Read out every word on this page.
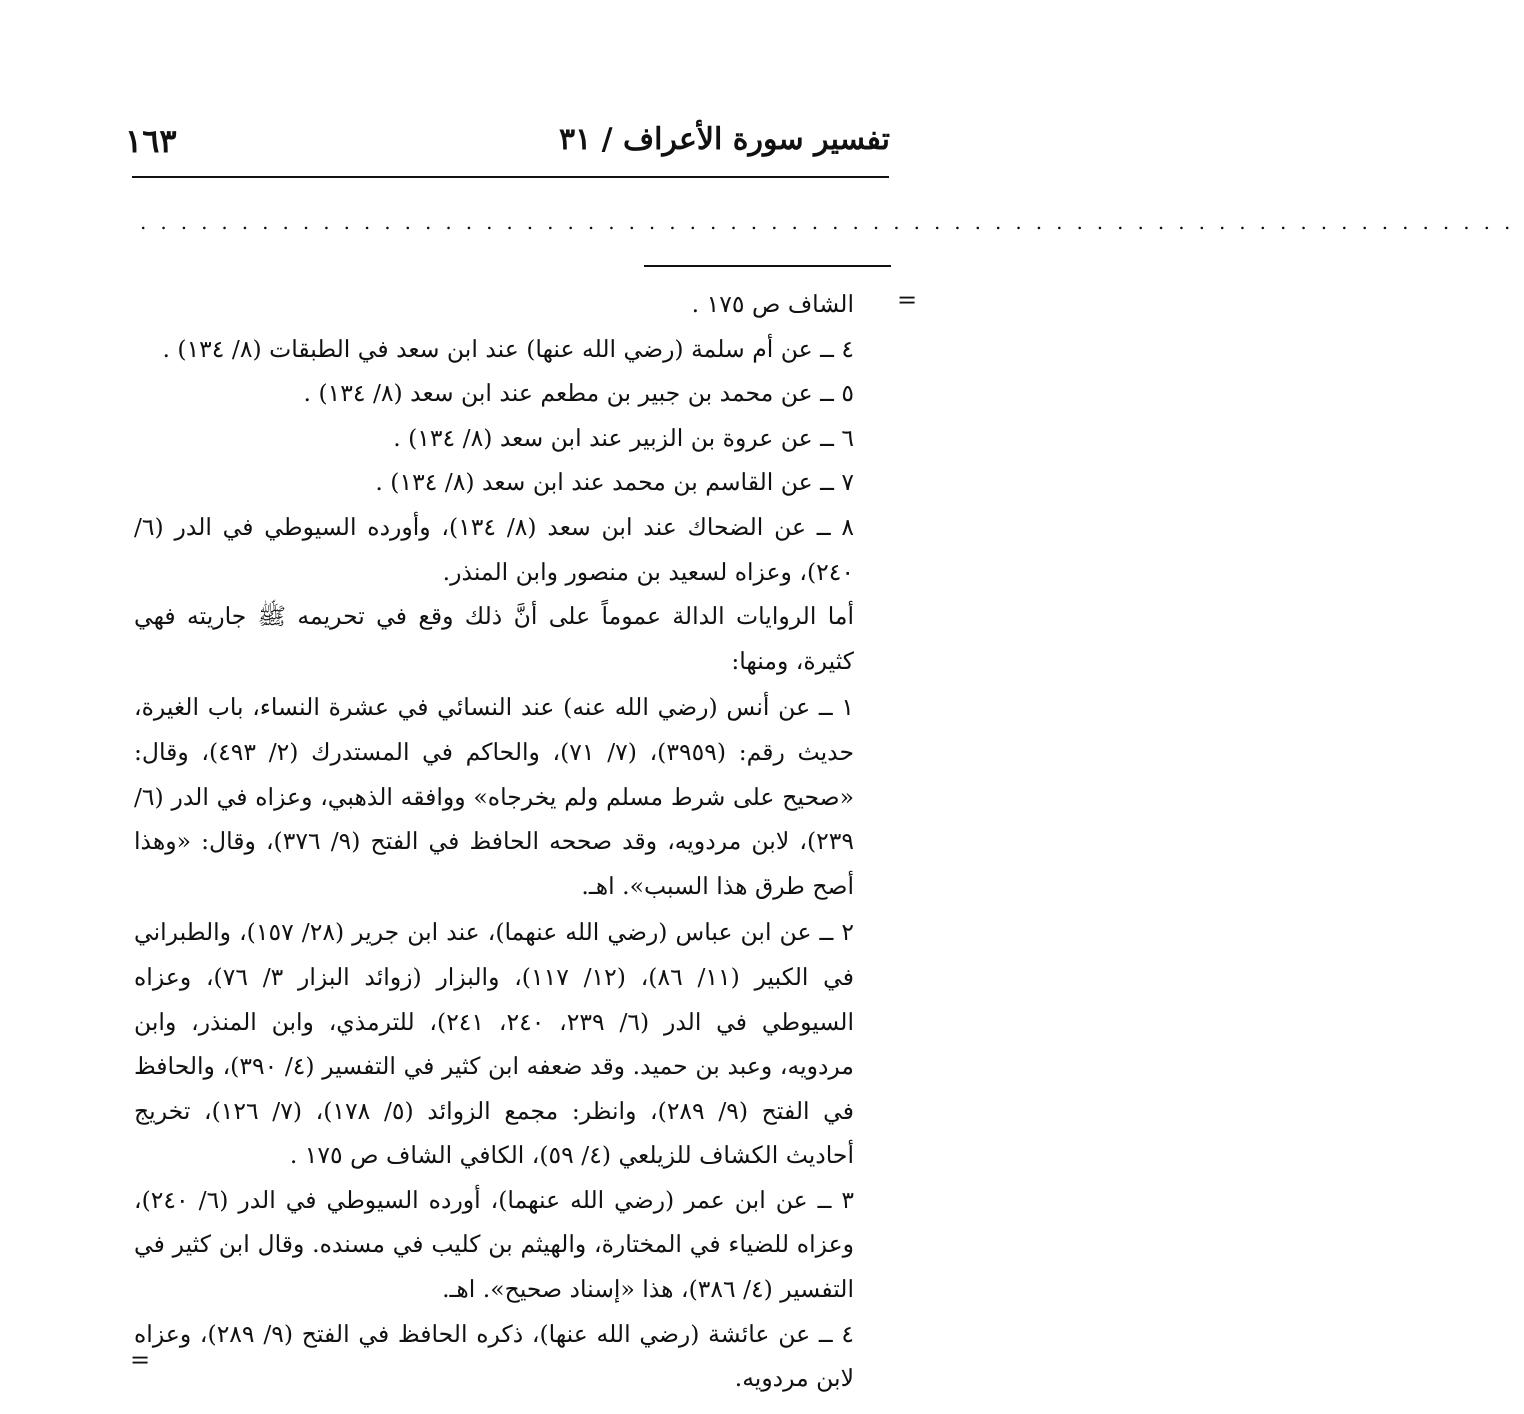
تفسير سورة الأعراف / ٣١
١٦٣
....................................................................
=

الشاف ص ١٧٥ .

٤ ــ عن أم سلمة (رضي الله عنها) عند ابن سعد في الطبقات (٨/ ١٣٤) .

٥ ــ عن محمد بن جبير بن مطعم عند ابن سعد (٨/ ١٣٤) .

٦ ــ عن عروة بن الزبير عند ابن سعد (٨/ ١٣٤) .

٧ ــ عن القاسم بن محمد عند ابن سعد (٨/ ١٣٤) .

٨ ــ عن الضحاك عند ابن سعد (٨/ ١٣٤)، وأورده السيوطي في الدر (٦/ ٢٤٠)، وعزاه لسعيد بن منصور وابن المنذر.

أما الروايات الدالة عموماً على أنَّ ذلك وقع في تحريمه ﷺ جاريته فهي كثيرة، ومنها:

١ ــ عن أنس (رضي الله عنه) عند النسائي في عشرة النساء، باب الغيرة، حديث رقم: (٣٩٥٩)، (٧/ ٧١)، والحاكم في المستدرك (٢/ ٤٩٣)، وقال: «صحيح على شرط مسلم ولم يخرجاه» ووافقه الذهبي، وعزاه في الدر (٦/ ٢٣٩)، لابن مردويه، وقد صححه الحافظ في الفتح (٩/ ٣٧٦)، وقال: «وهذا أصح طرق هذا السبب». اهـ.

٢ ــ عن ابن عباس (رضي الله عنهما)، عند ابن جرير (٢٨/ ١٥٧)، والطبراني في الكبير (١١/ ٨٦)، (١٢/ ١١٧)، والبزار (زوائد البزار ٣/ ٧٦)، وعزاه السيوطي في الدر (٦/ ٢٣٩، ٢٤٠، ٢٤١)، للترمذي، وابن المنذر، وابن مردويه، وعبد بن حميد. وقد ضعفه ابن كثير في التفسير (٤/ ٣٩٠)، والحافظ في الفتح (٩/ ٢٨٩)، وانظر: مجمع الزوائد (٥/ ١٧٨)، (٧/ ١٢٦)، تخريج أحاديث الكشاف للزيلعي (٤/ ٥٩)، الكافي الشاف ص ١٧٥ .

٣ ــ عن ابن عمر (رضي الله عنهما)، أورده السيوطي في الدر (٦/ ٢٤٠)، وعزاه للضياء في المختارة، والهيثم بن كليب في مسنده. وقال ابن كثير في التفسير (٤/ ٣٨٦)، هذا «إسناد صحيح». اهـ.

٤ ــ عن عائشة (رضي الله عنها)، ذكره الحافظ في الفتح (٩/ ٢٨٩)، وعزاه لابن مردويه.

=
